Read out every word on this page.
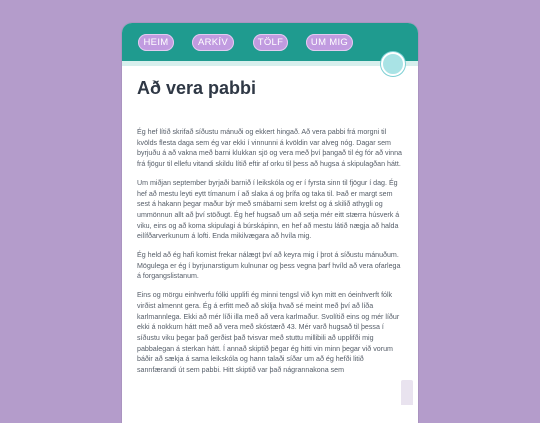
HEIM	ARKÍV	TÖLF	UM MIG
Að vera pabbi

Ég hef lítið skrifað síðustu mánuði og ekkert hingað. Að vera pabbi frá morgni til kvölds flesta daga sem ég var ekki í vinnunni á kvöldin var alveg nóg. Dagar sem byrjuðu á að vakna með barni klukkan sjö og vera með því þangað til ég fór að vinna frá fjögur til ellefu vitandi skildu lítið eftir af orku til þess að hugsa á skipulagðan hátt.

Um miðjan september byrjaði barnið í leikskóla og er í fyrsta sinn til fjögur í dag. Ég hef að mestu leyti eytt tímanum í að slaka á og þrífa og taka til. Það er margt sem sest á hakann þegar maður býr með smábarni sem krefst og á skilið athygli og ummönnun allt að því stöðugt. Ég hef hugsað um að setja mér eitt stærra húsverk á viku, eins og að koma skipulagi á búrskápinn, en hef að mestu látið nægja að halda eilífðarverkunum á lofti. Enda mikilvægara að hvíla mig.

Ég held að ég hafi komist frekar nálægt því að keyra mig í þrot á síðustu mánuðum. Mögulega er ég í byrjunarstigum kulnunar og þess vegna þarf hvíld að vera ofarlega á forgangslistanum.

Eins og mörgu einhverfu fólki upplifi ég minni tengsl við kyn mitt en óeinhverft fólk virðist almennt gera. Ég á erfitt með að skilja hvað sé meint með því að líða karlmannlega. Ekki að mér líði illa með að vera karlmaður. Svolítið eins og mér líður ekki á nokkurn hátt með að vera með skóstærð 43. Mér varð hugsað til þessa í síðustu viku þegar það gerðist það tvisvar með stuttu millibili að upplifði mig pabbalegan á sterkan hátt. Í annað skiptið þegar ég hitti vin minn þegar við vorum báðir að sækja á sama leikskóla og hann talaði síðar um að ég hefði litið sannfærandi út sem pabbi. Hitt skiptið var það nágrannakona sem
